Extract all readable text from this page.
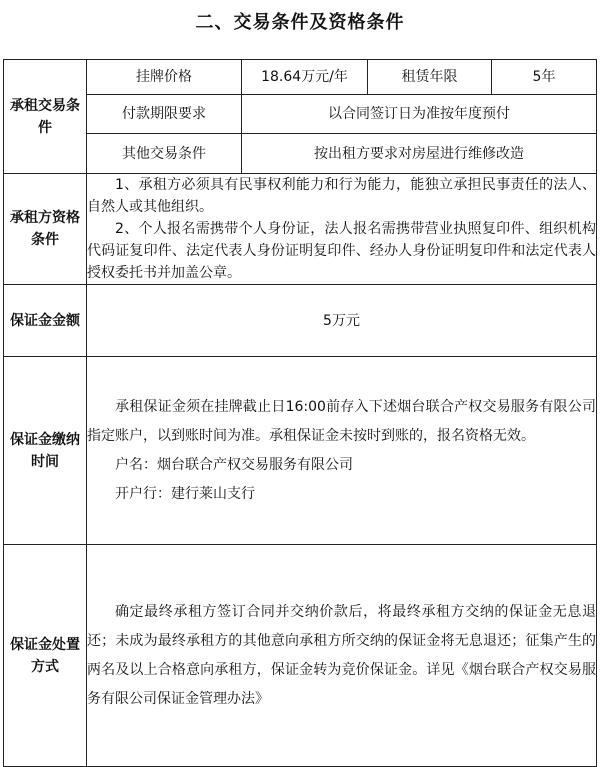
二、交易条件及资格条件
承租交易条件	挂牌价格	18.64万元/年	租赁年限	5年
	付款期限要求	以合同签订日为准按年度预付		
	其他交易条件	按出租方要求对房屋进行维修改造		
承租方资格条件	1、承租方必须具有民事权利能力和行为能力，能独立承担民事责任的法人、自然人或其他组织。

2、个人报名需携带个人身份证，法人报名需携带营业执照复印件、组织机构代码证复印件、法定代表人身份证明复印件、经办人身份证明复印件和法定代表人授权委托书并加盖公章。			

保证金金额	5万元			
保证金缴纳时间	承租保证金须在挂牌截止日16:00前存入下述烟台联合产权交易服务有限公司指定账户，以到账时间为准。承租保证金未按时到账的，报名资格无效。

户名：烟台联合产权交易服务有限公司

开户行：建行莱山支行			

保证金处置方式	确定最终承租方签订合同并交纳价款后，将最终承租方交纳的保证金无息退还；未成为最终承租方的其他意向承租方所交纳的保证金将无息退还；征集产生的两名及以上合格意向承租方，保证金转为竞价保证金。详见《烟台联合产权交易服务有限公司保证金管理办法》			
